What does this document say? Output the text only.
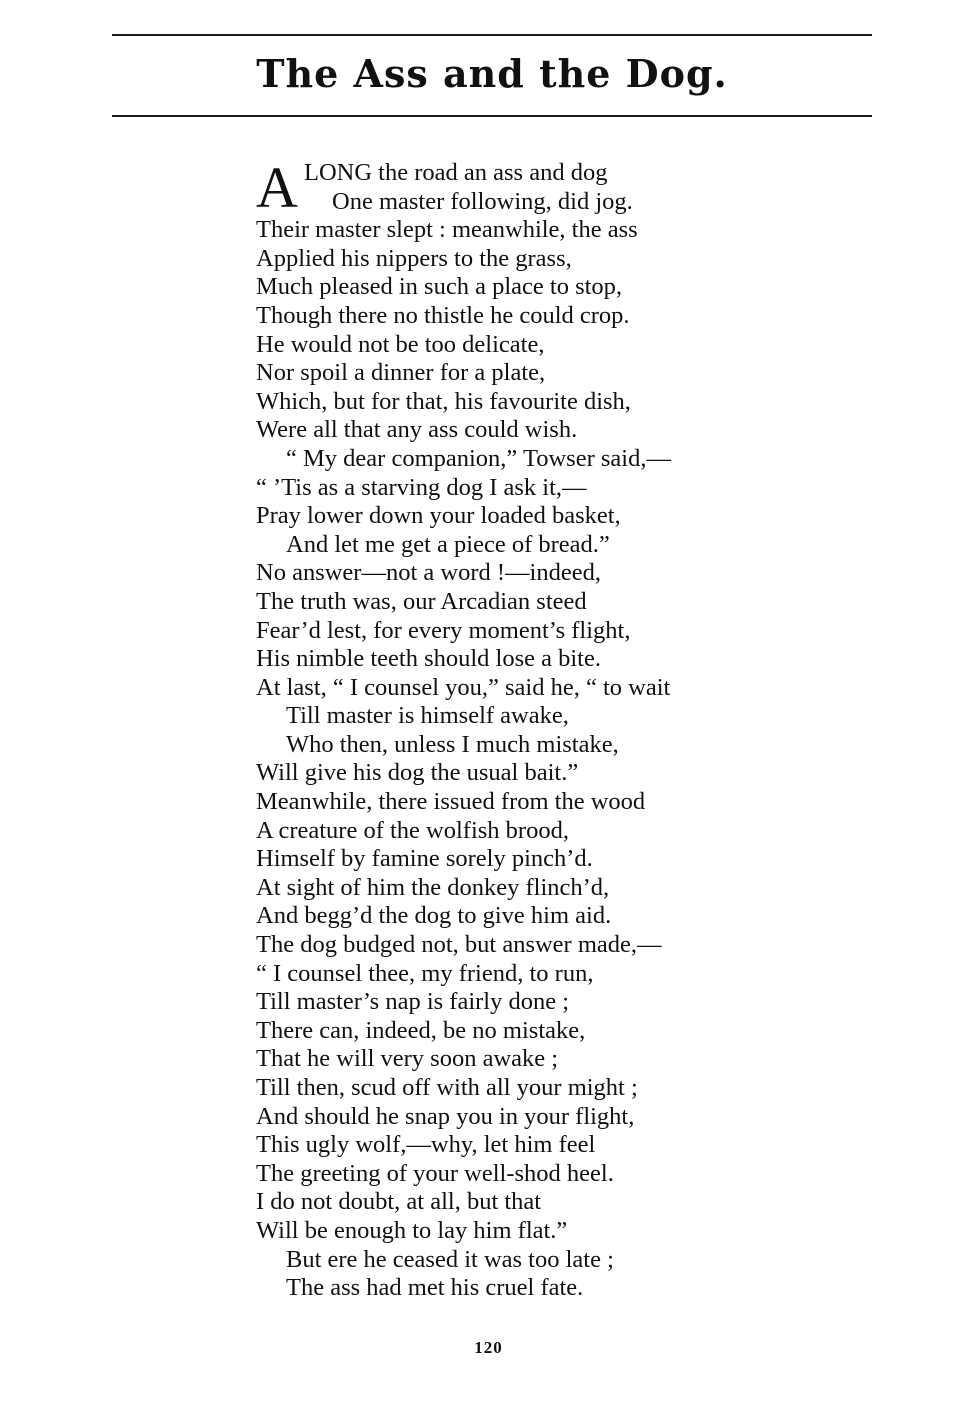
The Ass and the Dog.
A LONG the road an ass and dog
One master following, did jog.
Their master slept : meanwhile, the ass
Applied his nippers to the grass,
Much pleased in such a place to stop,
Though there no thistle he could crop.
He would not be too delicate,
Nor spoil a dinner for a plate,
Which, but for that, his favourite dish,
Were all that any ass could wish.
“ My dear companion,” Towser said,—
“ ’Tis as a starving dog I ask it,—
Pray lower down your loaded basket,
And let me get a piece of bread.”
No answer—not a word !—indeed,
The truth was, our Arcadian steed
Fear’d lest, for every moment’s flight,
His nimble teeth should lose a bite.
At last, “ I counsel you,” said he, “ to wait
Till master is himself awake,
Who then, unless I much mistake,
Will give his dog the usual bait.”
Meanwhile, there issued from the wood
A creature of the wolfish brood,
Himself by famine sorely pinch’d.
At sight of him the donkey flinch’d,
And begg’d the dog to give him aid.
The dog budged not, but answer made,—
“ I counsel thee, my friend, to run,
Till master’s nap is fairly done ;
There can, indeed, be no mistake,
That he will very soon awake ;
Till then, scud off with all your might ;
And should he snap you in your flight,
This ugly wolf,—why, let him feel
The greeting of your well-shod heel.
I do not doubt, at all, but that
Will be enough to lay him flat.”
But ere he ceased it was too late ;
The ass had met his cruel fate.
120
